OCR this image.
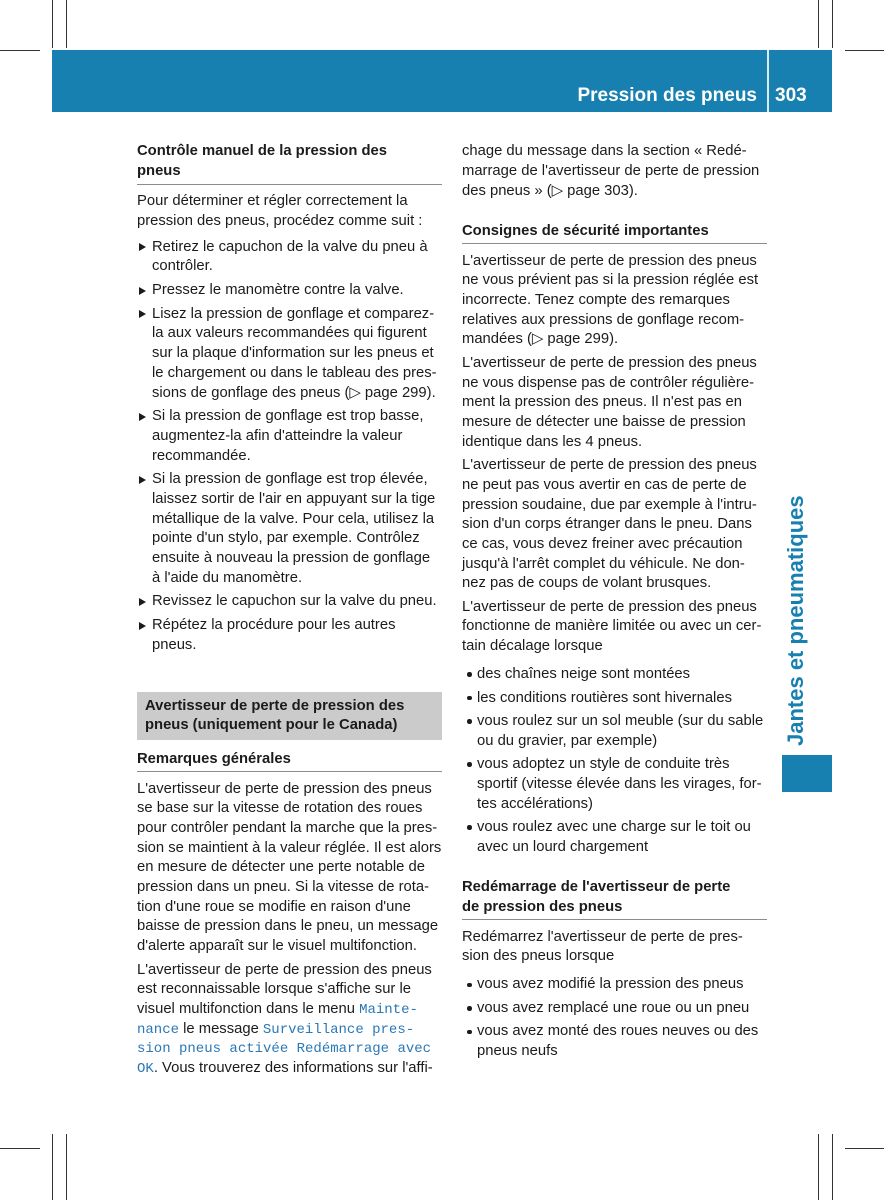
Pression des pneus 303
Jantes et pneumatiques
Contrôle manuel de la pression des
pneus
Pour déterminer et régler correctement la
pression des pneus, procédez comme suit :
Retirez le capuchon de la valve du pneu à
contrôler.
Pressez le manomètre contre la valve.
Lisez la pression de gonflage et comparez-
la aux valeurs recommandées qui figurent
sur la plaque d'information sur les pneus et
le chargement ou dans le tableau des pres-
sions de gonflage des pneus (▷ page 299).
Si la pression de gonflage est trop basse,
augmentez-la afin d'atteindre la valeur
recommandée.
Si la pression de gonflage est trop élevée,
laissez sortir de l'air en appuyant sur la tige
métallique de la valve. Pour cela, utilisez la
pointe d'un stylo, par exemple. Contrôlez
ensuite à nouveau la pression de gonflage
à l'aide du manomètre.
Revissez le capuchon sur la valve du pneu.
Répétez la procédure pour les autres
pneus.
Avertisseur de perte de pression des
pneus (uniquement pour le Canada)
Remarques générales
L'avertisseur de perte de pression des pneus
se base sur la vitesse de rotation des roues
pour contrôler pendant la marche que la pres-
sion se maintient à la valeur réglée. Il est alors
en mesure de détecter une perte notable de
pression dans un pneu. Si la vitesse de rota-
tion d'une roue se modifie en raison d'une
baisse de pression dans le pneu, un message
d'alerte apparaît sur le visuel multifonction.
L'avertisseur de perte de pression des pneus
est reconnaissable lorsque s'affiche sur le
visuel multifonction dans le menu Mainte-
nance le message Surveillance pres-
sion pneus activée Redémarrage avec
OK. Vous trouverez des informations sur l'affi-
chage du message dans la section « Redé-
marrage de l'avertisseur de perte de pression
des pneus » (▷ page 303).
Consignes de sécurité importantes
L'avertisseur de perte de pression des pneus
ne vous prévient pas si la pression réglée est
incorrecte. Tenez compte des remarques
relatives aux pressions de gonflage recom-
mandées (▷ page 299).
L'avertisseur de perte de pression des pneus
ne vous dispense pas de contrôler régulière-
ment la pression des pneus. Il n'est pas en
mesure de détecter une baisse de pression
identique dans les 4 pneus.
L'avertisseur de perte de pression des pneus
ne peut pas vous avertir en cas de perte de
pression soudaine, due par exemple à l'intru-
sion d'un corps étranger dans le pneu. Dans
ce cas, vous devez freiner avec précaution
jusqu'à l'arrêt complet du véhicule. Ne don-
nez pas de coups de volant brusques.
L'avertisseur de perte de pression des pneus
fonctionne de manière limitée ou avec un cer-
tain décalage lorsque
des chaînes neige sont montées
les conditions routières sont hivernales
vous roulez sur un sol meuble (sur du sable
ou du gravier, par exemple)
vous adoptez un style de conduite très
sportif (vitesse élevée dans les virages, for-
tes accélérations)
vous roulez avec une charge sur le toit ou
avec un lourd chargement
Redémarrage de l'avertisseur de perte
de pression des pneus
Redémarrez l'avertisseur de perte de pres-
sion des pneus lorsque
vous avez modifié la pression des pneus
vous avez remplacé une roue ou un pneu
vous avez monté des roues neuves ou des
pneus neufs
